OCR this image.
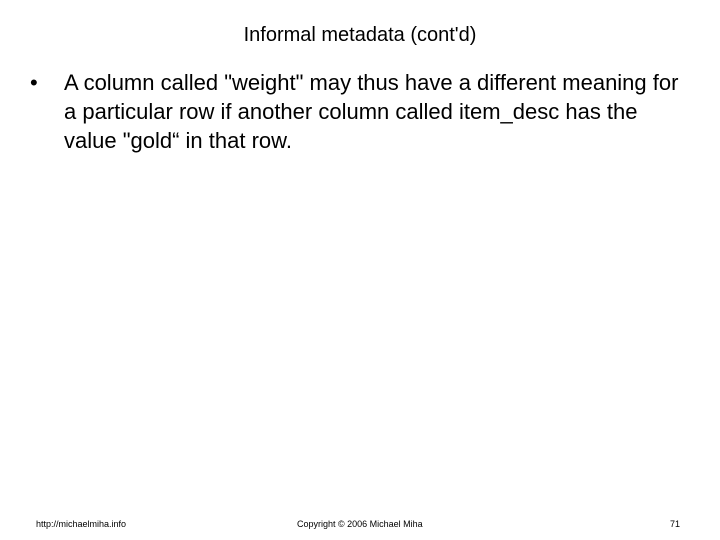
Informal metadata (cont'd)
•	A column called "weight" may thus have a different meaning for a particular row if another column called item_desc has the value "gold“ in that row.
http://michaelmiha.info	Copyright © 2006 Michael Miha	71
